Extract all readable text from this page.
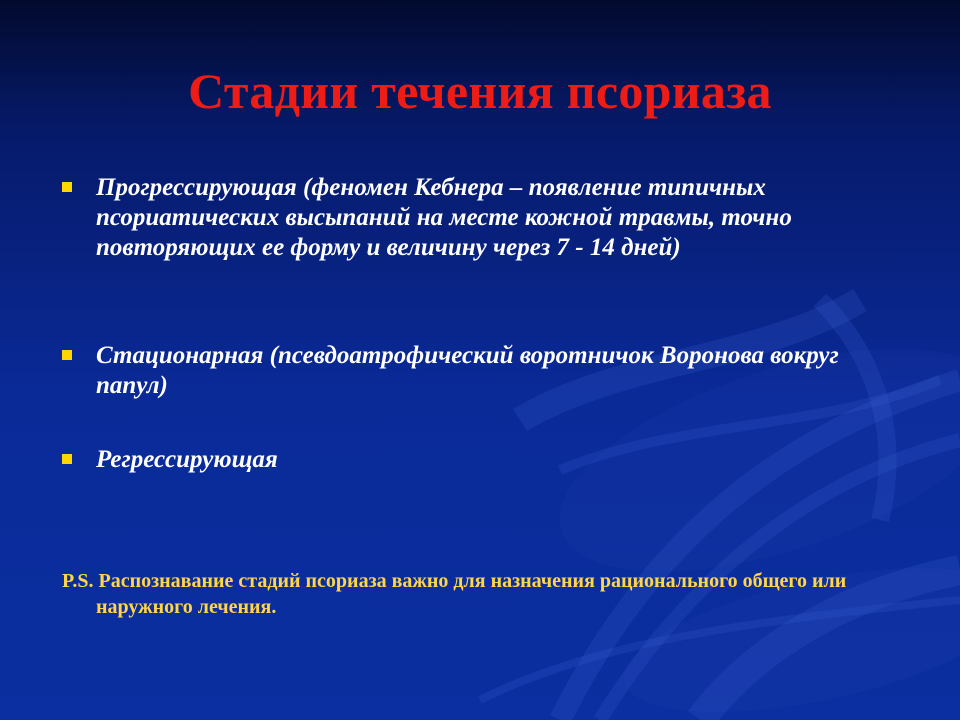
Стадии течения псориаза
Прогрессирующая (феномен Кебнера – появление типичных псориатических высыпаний на месте кожной травмы, точно повторяющих ее форму и величину через 7 - 14 дней)
Стационарная (псевдоатрофический воротничок Воронова вокруг папул)
Регрессирующая
P.S. Распознавание стадий псориаза важно для назначения рационального общего или наружного лечения.
